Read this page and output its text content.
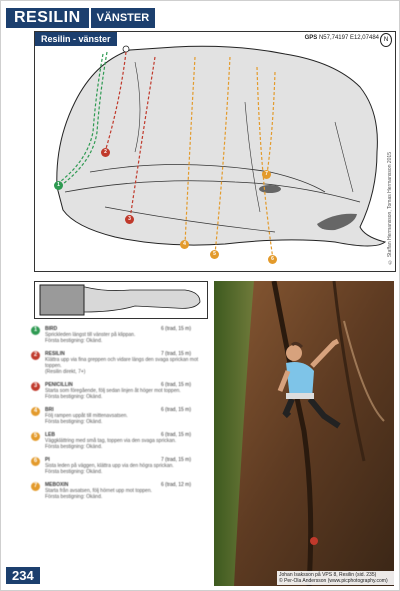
RESILIN	VÄNSTER
Resilin - vänster	GPS N57,74197 E12,07484 N
© Staffan Hermansson, Tomas Hermansson 2015
1
2
3
4
5
6
7
1	BIRD	6 (trad, 15 m)
Sprickleden längst till vänster på klippan.
Första bestigning: Okänd.
2	RESILIN	7 (trad, 15 m)
Klättra upp via fina greppen och vidare längs den svaga sprickan mot toppen.
(Resilin direkt, 7+)
3	PENICILLIN	6 (trad, 15 m)
Starta som föregående, följ sedan linjen åt höger mot toppen.
Första bestigning: Okänd.
4	BRI	6 (trad, 15 m)
Följ rampen uppåt till mittenavsatsen.
Första bestigning: Okänd.
5	LEB	6 (trad, 15 m)
Väggklättring med små tag, toppen via den svaga sprickan.
Första bestigning: Okänd.
6	PI	7 (trad, 15 m)
Sista leden på väggen, klättra upp via den högra sprickan.
Första bestigning: Okänd.
7	MEBOXIN	6 (trad, 12 m)
Starta från avsatsen, följ hörnet upp mot toppen.
Första bestigning: Okänd.
Johan Isaksson på VPS 8, Resilin (sid. 235)
© Per-Ola Andersson (www.picphotography.com)
234
